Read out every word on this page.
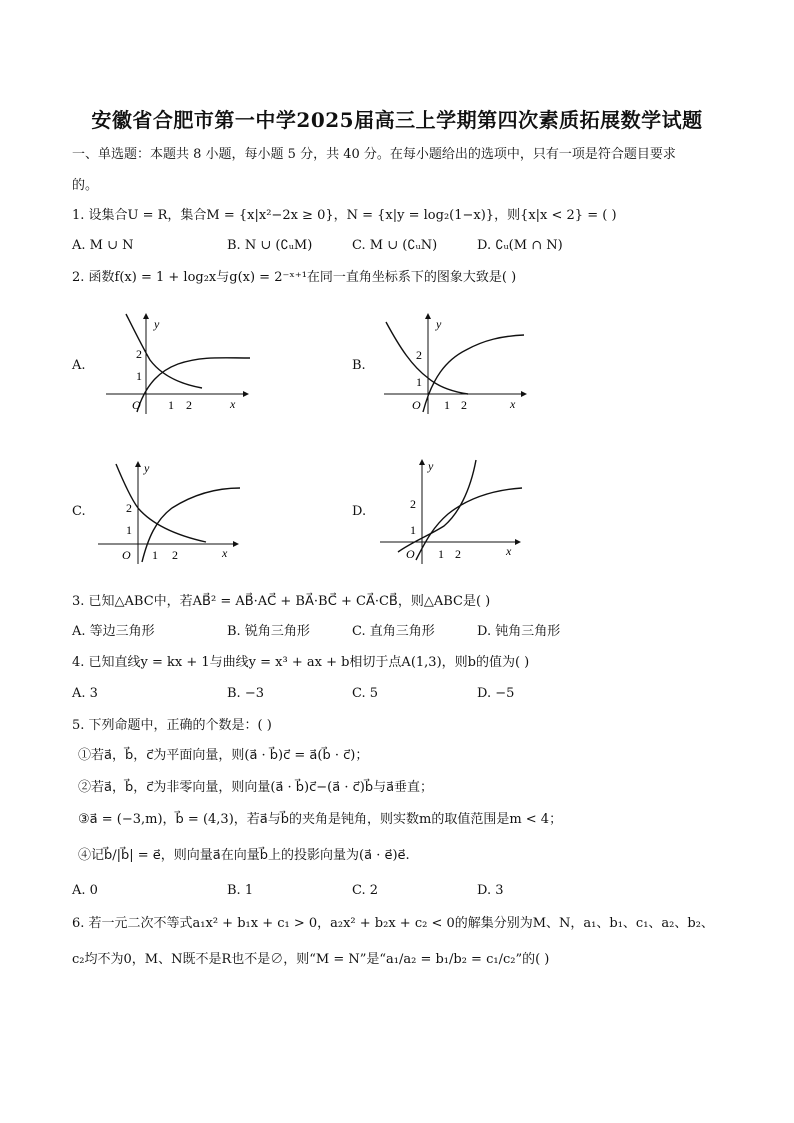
安徽省合肥市第一中学2025届高三上学期第四次素质拓展数学试题
一、单选题：本题共 8 小题，每小题 5 分，共 40 分。在每小题给出的选项中，只有一项是符合题目要求
的。
1. 设集合U = R，集合M = {x|x²−2x ≥ 0}，N = {x|y = log₂(1−x)}，则{x|x < 2} = ( )
A. M ∪ N	B. N ∪ (∁ᵤM)	C. M ∪ (∁ᵤN)	D. ∁ᵤ(M ∩ N)
2. 函数f(x) = 1 + log₂x与g(x) = 2⁻ˣ⁺¹在同一直角坐标系下的图象大致是( )
A.
y
x
O
1
2
1 2
B.
y
x
O
1
2
1 2
C.
y
x
O
1
2
1 2
D.
y
x
O
1
2
1 2
3. 已知△ABC中，若AB⃗² = AB⃗·AC⃗ + BA⃗·BC⃗ + CA⃗·CB⃗，则△ABC是( )
A. 等边三角形	B. 锐角三角形	C. 直角三角形	D. 钝角三角形
4. 已知直线y = kx + 1与曲线y = x³ + ax + b相切于点A(1,3)，则b的值为( )
A. 3	B. −3	C. 5	D. −5
5. 下列命题中，正确的个数是：( )
①若a⃗，b⃗，c⃗为平面向量，则(a⃗ · b⃗)c⃗ = a⃗(b⃗ · c⃗)；
②若a⃗，b⃗，c⃗为非零向量，则向量(a⃗ · b⃗)c⃗−(a⃗ · c⃗)b⃗与a⃗垂直；
③a⃗ = (−3,m)，b⃗ = (4,3)，若a⃗与b⃗的夹角是钝角，则实数m的取值范围是m < 4；
④记b⃗/|b⃗| = e⃗，则向量a⃗在向量b⃗上的投影向量为(a⃗ · e⃗)e⃗.
A. 0	B. 1	C. 2	D. 3
6. 若一元二次不等式a₁x² + b₁x + c₁ > 0，a₂x² + b₂x + c₂ < 0的解集分别为M、N，a₁、b₁、c₁、a₂、b₂、
c₂均不为0，M、N既不是R也不是∅，则“M = N”是“a₁/a₂ = b₁/b₂ = c₁/c₂”的( )
